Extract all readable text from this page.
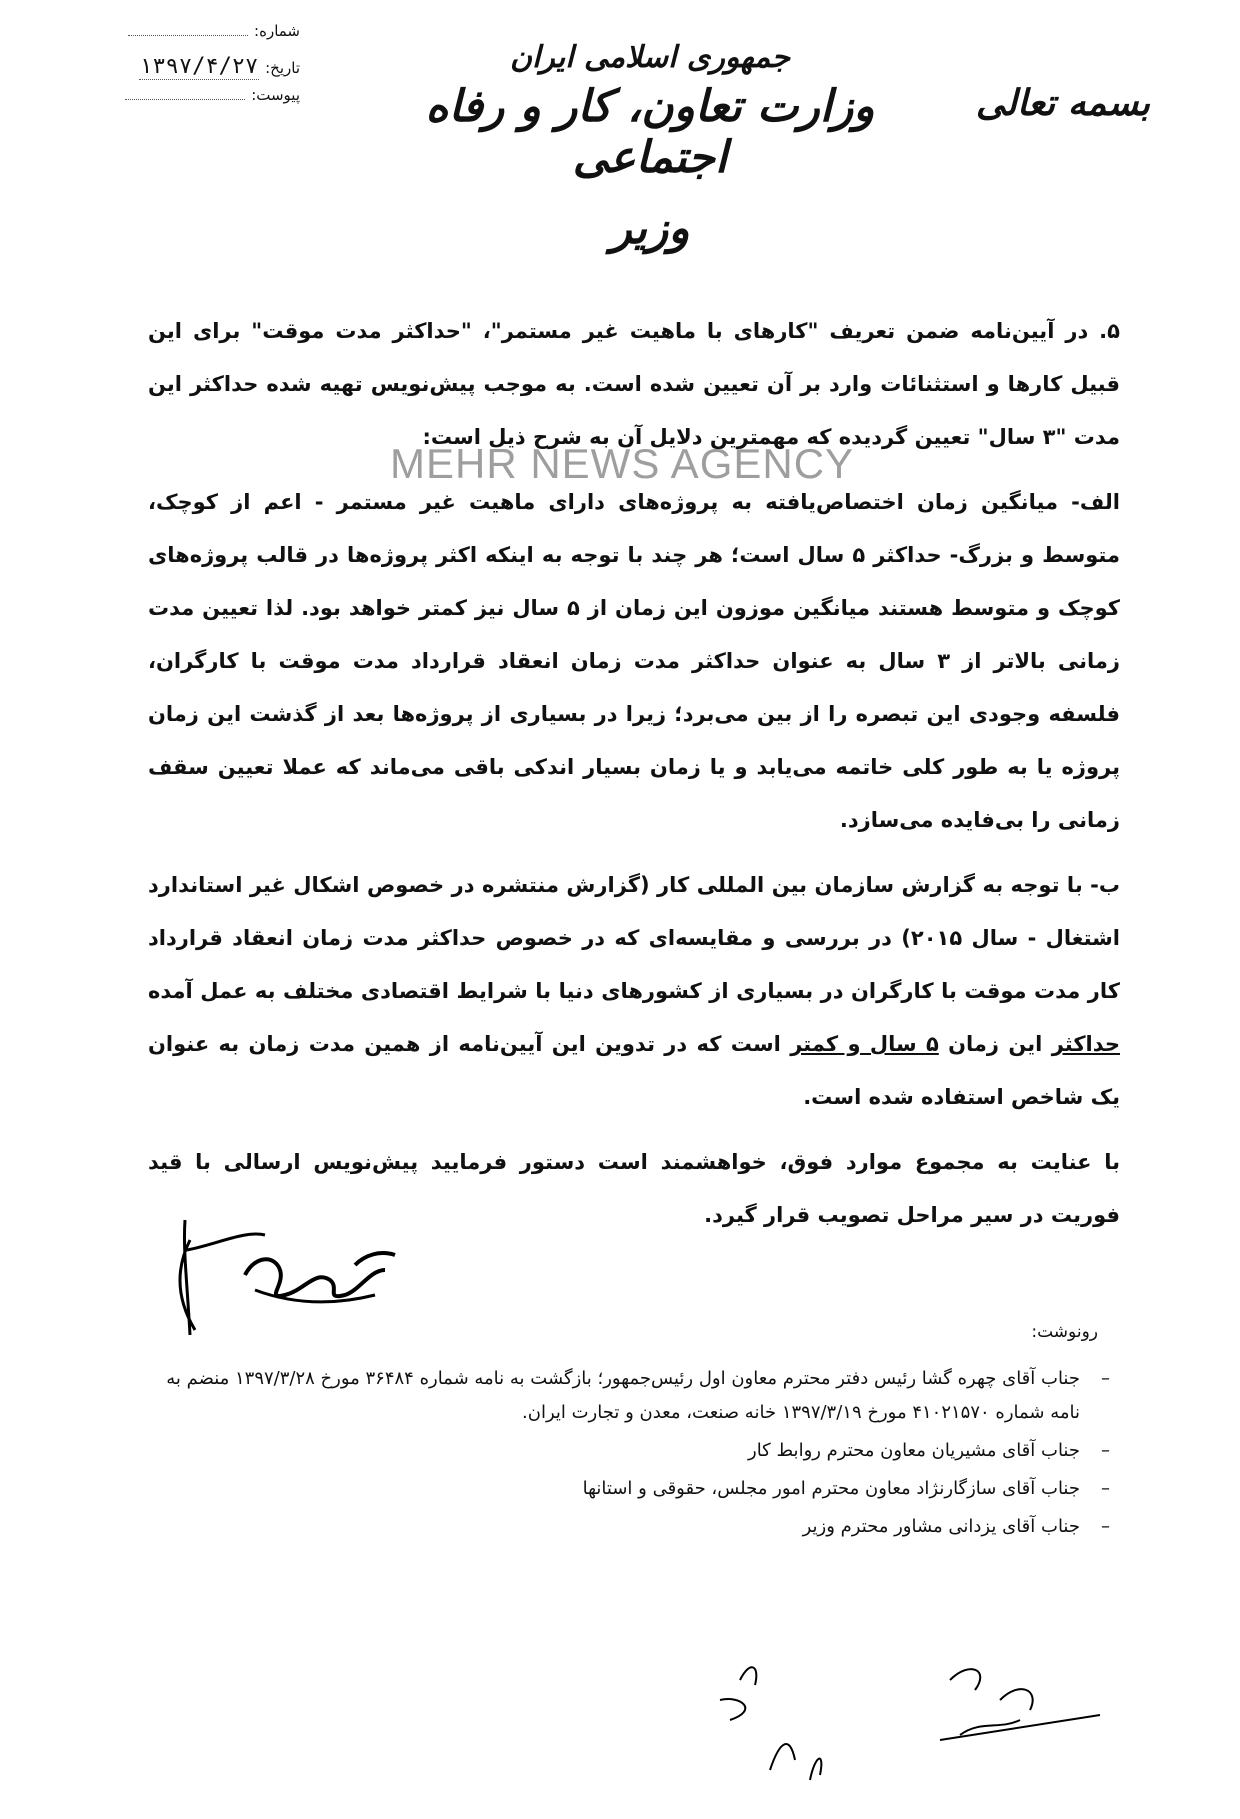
شماره:
۱۳۹۷/۴/۲۷ تاریخ:
پیوست:	بسمه تعالی
جمهوری اسلامی ایران
وزارت تعاون، کار و رفاه اجتماعی
وزیر
MEHR NEWS AGENCY

۵. در آیین‌نامه ضمن تعریف "کارهای با ماهیت غیر مستمر"، "حداکثر مدت موقت" برای این قبیل کارها و استثنائات وارد بر آن تعیین شده است. به موجب پیش‌نویس تهیه شده حداکثر این مدت "۳ سال" تعیین گردیده که مهمترین دلایل آن به شرح ذیل است:

الف- میانگین زمان اختصاص‌یافته به پروژه‌های دارای ماهیت غیر مستمر - اعم از کوچک، متوسط و بزرگ- حداکثر ۵ سال است؛ هر چند با توجه به اینکه اکثر پروژه‌ها در قالب پروژه‌های کوچک و متوسط هستند میانگین موزون این زمان از ۵ سال نیز کمتر خواهد بود. لذا تعیین مدت زمانی بالاتر از ۳ سال به عنوان حداکثر مدت زمان انعقاد قرارداد مدت موقت با کارگران، فلسفه وجودی این تبصره را از بین می‌برد؛ زیرا در بسیاری از پروژه‌ها بعد از گذشت این زمان پروژه یا به طور کلی خاتمه می‌یابد و یا زمان بسیار اندکی باقی می‌ماند که عملا تعیین سقف زمانی را بی‌فایده می‌سازد.

ب- با توجه به گزارش سازمان بین المللی کار (گزارش منتشره در خصوص اشکال غیر استاندارد اشتغال - سال ۲۰۱۵) در بررسی و مقایسه‌ای که در خصوص حداکثر مدت زمان انعقاد قرارداد کار مدت موقت با کارگران در بسیاری از کشورهای دنیا با شرایط اقتصادی مختلف به عمل آمده حداکثر این زمان ۵ سال و کمتر است که در تدوین این آیین‌نامه از همین مدت زمان به عنوان یک شاخص استفاده شده است.

با عنایت به مجموع موارد فوق، خواهشمند است دستور فرمایید پیش‌نویس ارسالی با قید فوریت در سیر مراحل تصویب قرار گیرد.

رونوشت:
– جناب آقای چهره گشا رئیس دفتر محترم معاون اول رئیس‌جمهور؛ بازگشت به نامه شماره ۳۶۴۸۴ مورخ ۱۳۹۷/۳/۲۸ منضم به نامه شماره ۴۱۰۲۱۵۷۰ مورخ ۱۳۹۷/۳/۱۹ خانه صنعت، معدن و تجارت ایران.
– جناب آقای مشیریان معاون محترم روابط کار
– جناب آقای سازگارنژاد معاون محترم امور مجلس، حقوقی و استانها
– جناب آقای یزدانی مشاور محترم وزیر
